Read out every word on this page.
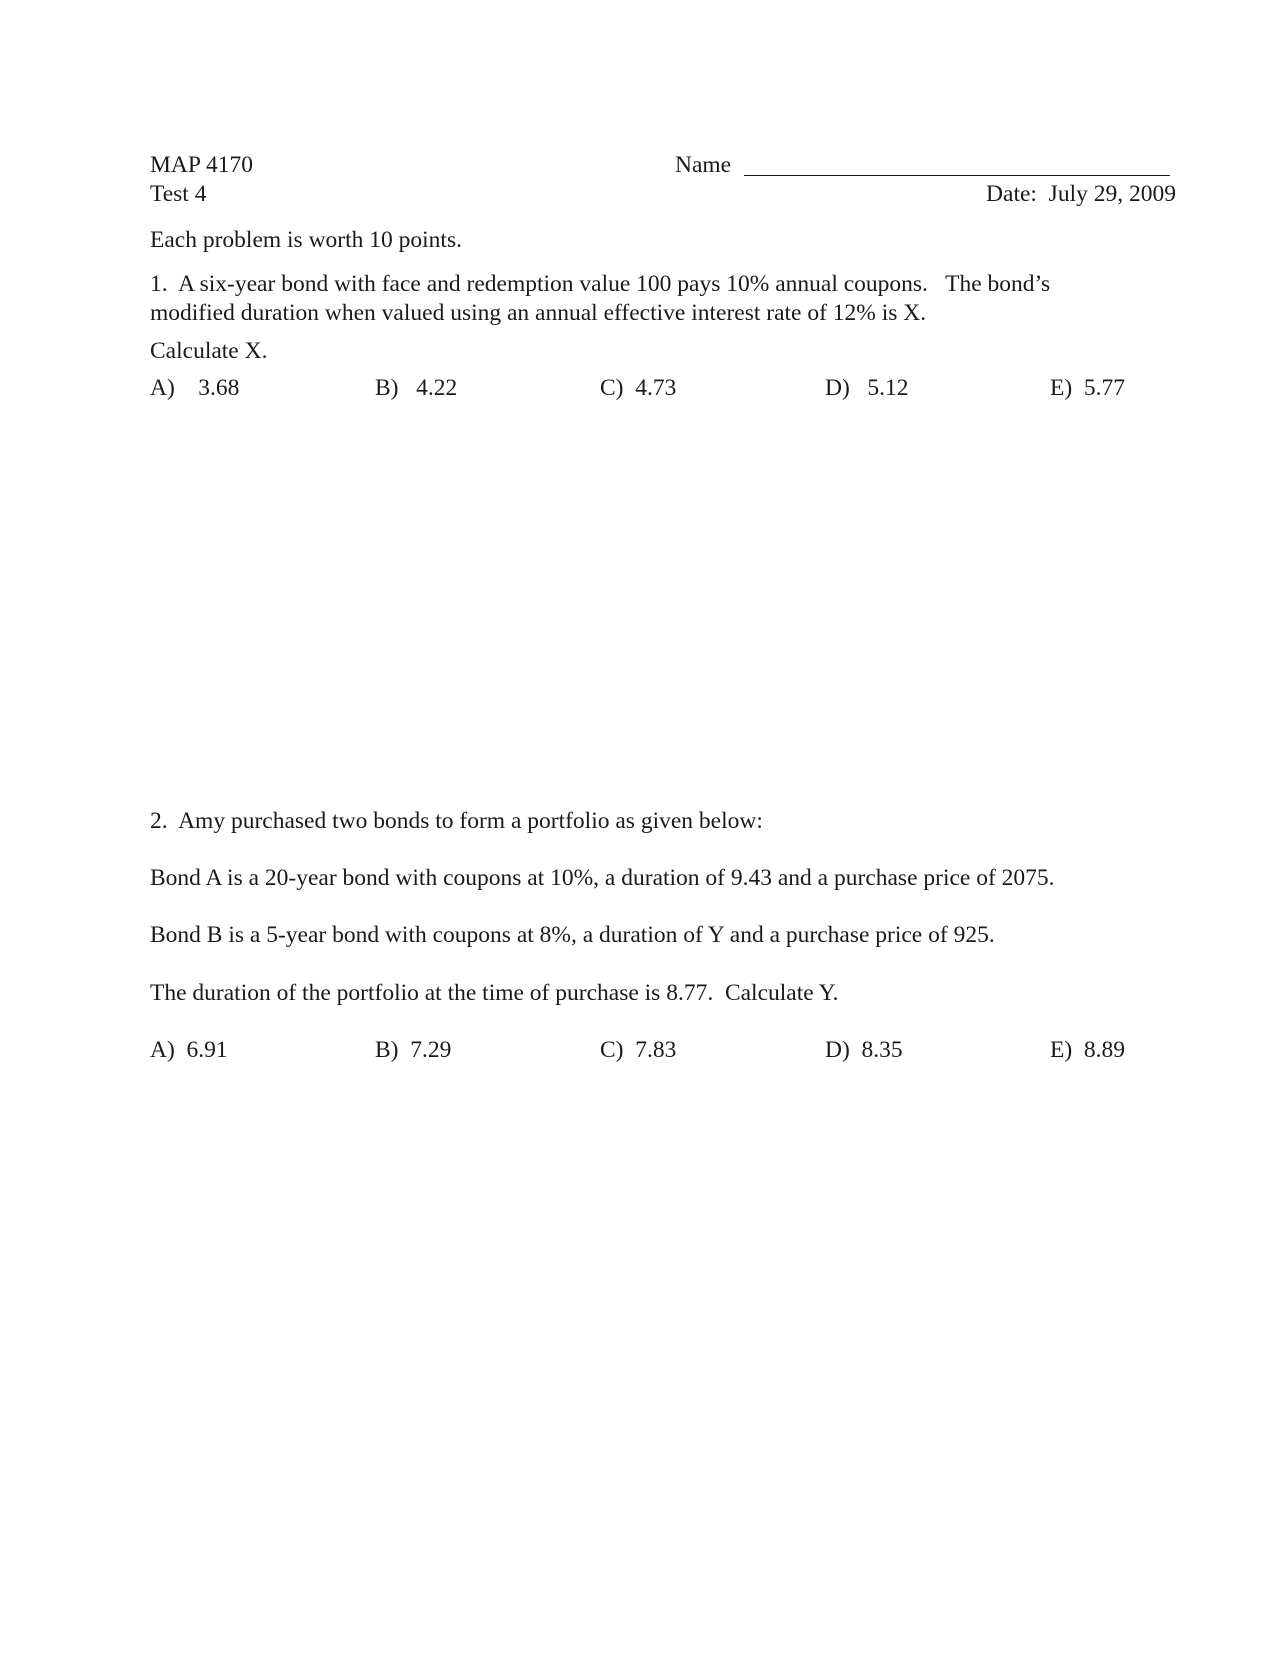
MAP 4170
Test 4
Name
Date:  July 29, 2009
Each problem is worth 10 points.
1.  A six-year bond with face and redemption value 100 pays 10% annual coupons.   The bond’s
modified duration when valued using an annual effective interest rate of 12% is X.
Calculate X.
A)    3.68	B)   4.22	C)  4.73	D)   5.12	E)  5.77
2.  Amy purchased two bonds to form a portfolio as given below:
Bond A is a 20-year bond with coupons at 10%, a duration of 9.43 and a purchase price of 2075.
Bond B is a 5-year bond with coupons at 8%, a duration of Y and a purchase price of 925.
The duration of the portfolio at the time of purchase is 8.77.  Calculate Y.
A)  6.91	B)  7.29	C)  7.83	D)  8.35	E)  8.89
